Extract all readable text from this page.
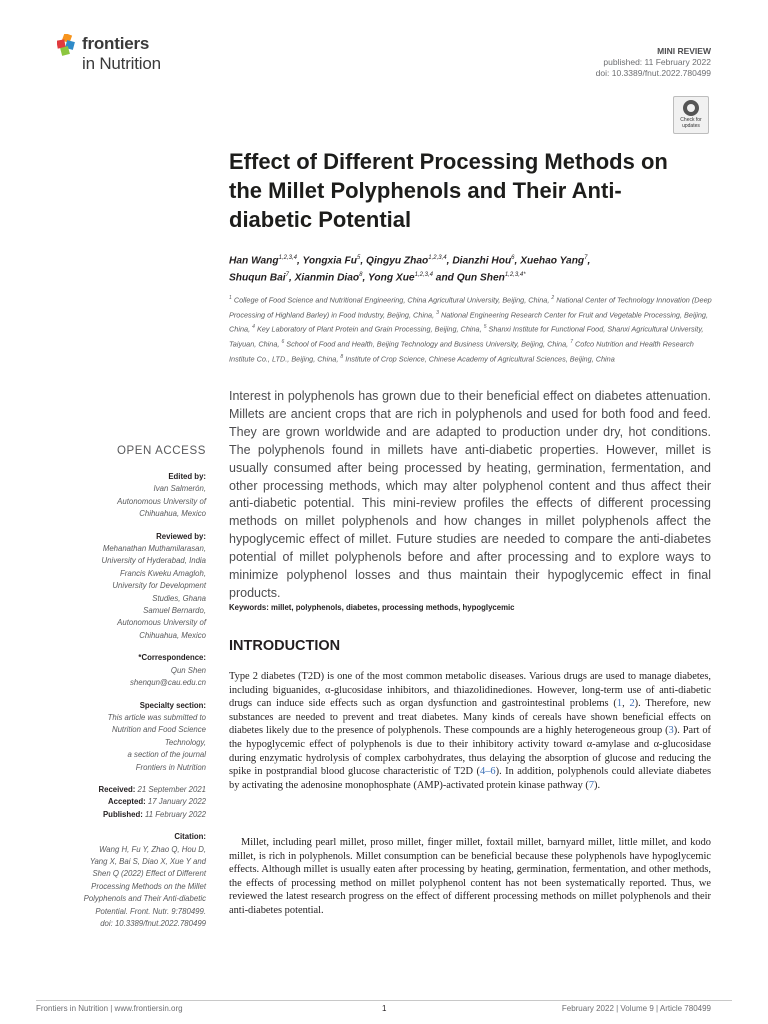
frontiers
in Nutrition
MINI REVIEW
published: 11 February 2022
doi: 10.3389/fnut.2022.780499
Check for updates
Effect of Different Processing Methods on the Millet Polyphenols and Their Anti-diabetic Potential
Han Wang$^{1,2,3,4}$, Yongxia Fu$^5$, Qingyu Zhao$^{1,2,3,4}$, Dianzhi Hou$^6$, Xuehao Yang$^7$,
Shuqun Bai$^7$, Xianmin Diao$^8$, Yong Xue$^{1,2,3,4}$ and Qun Shen$^{1,2,3,4*}$
$^1$ College of Food Science and Nutritional Engineering, China Agricultural University, Beijing, China, $^2$ National Center of Technology Innovation (Deep Processing of Highland Barley) in Food Industry, Beijing, China, $^3$ National Engineering Research Center for Fruit and Vegetable Processing, Beijing, China, $^4$ Key Laboratory of Plant Protein and Grain Processing, Beijing, China, $^5$ Shanxi Institute for Functional Food, Shanxi Agricultural University, Taiyuan, China, $^6$ School of Food and Health, Beijing Technology and Business University, Beijing, China, $^7$ Cofco Nutrition and Health Research Institute Co., LTD., Beijing, China, $^8$ Institute of Crop Science, Chinese Academy of Agricultural Sciences, Beijing, China

Interest in polyphenols has grown due to their beneficial effect on diabetes attenuation. Millets are ancient crops that are rich in polyphenols and used for both food and feed. They are grown worldwide and are adapted to production under dry, hot conditions. The polyphenols found in millets have anti-diabetic properties. However, millet is usually consumed after being processed by heating, germination, fermentation, and other processing methods, which may alter polyphenol content and thus affect their anti-diabetic potential. This mini-review profiles the effects of different processing methods on millet polyphenols and how changes in millet polyphenols affect the hypoglycemic effect of millet. Future studies are needed to compare the anti-diabetes potential of millet polyphenols before and after processing and to explore ways to minimize polyphenol losses and thus maintain their hypoglycemic effect in final products.

Keywords: millet, polyphenols, diabetes, processing methods, hypoglycemic
OPEN ACCESS
Edited by:
Ivan Salmerón,
Autonomous University of
Chihuahua, Mexico
Reviewed by:
Mehanathan Muthamilarasan,
University of Hyderabad, India
Francis Kweku Amagloh,
University for Development
Studies, Ghana
Samuel Bernardo,
Autonomous University of
Chihuahua, Mexico
*Correspondence:
Qun Shen
shenqun@cau.edu.cn
Specialty section:
This article was submitted to
Nutrition and Food Science
Technology,
a section of the journal
Frontiers in Nutrition
Received: 21 September 2021
Accepted: 17 January 2022
Published: 11 February 2022
Citation:
Wang H, Fu Y, Zhao Q, Hou D,
Yang X, Bai S, Diao X, Xue Y and
Shen Q (2022) Effect of Different
Processing Methods on the Millet
Polyphenols and Their Anti-diabetic
Potential. Front. Nutr. 9:780499.
doi: 10.3389/fnut.2022.780499
INTRODUCTION

Type 2 diabetes (T2D) is one of the most common metabolic diseases. Various drugs are used to manage diabetes, including biguanides, α-glucosidase inhibitors, and thiazolidinediones. However, long-term use of anti-diabetic drugs can induce side effects such as organ dysfunction and gastrointestinal problems (1, 2). Therefore, new substances are needed to prevent and treat diabetes. Many kinds of cereals have shown beneficial effects on diabetes likely due to the presence of polyphenols. These compounds are a highly heterogeneous group (3). Part of the hypoglycemic effect of polyphenols is due to their inhibitory activity toward α-amylase and α-glucosidase during enzymatic hydrolysis of complex carbohydrates, thus delaying the absorption of glucose and reducing the spike in postprandial blood glucose characteristic of T2D (4–6). In addition, polyphenols could alleviate diabetes by activating the adenosine monophosphate (AMP)-activated protein kinase pathway (7).

Millet, including pearl millet, proso millet, finger millet, foxtail millet, barnyard millet, little millet, and kodo millet, is rich in polyphenols. Millet consumption can be beneficial because these polyphenols have hypoglycemic effects. Although millet is usually eaten after processing by heating, germination, fermentation, and other methods, the effects of processing method on millet polyphenol content has not been systematically reported. Thus, we reviewed the latest research progress on the effect of different processing methods on millet polyphenols and their anti-diabetes potential.

Frontiers in Nutrition | www.frontiersin.org	1	February 2022 | Volume 9 | Article 780499
